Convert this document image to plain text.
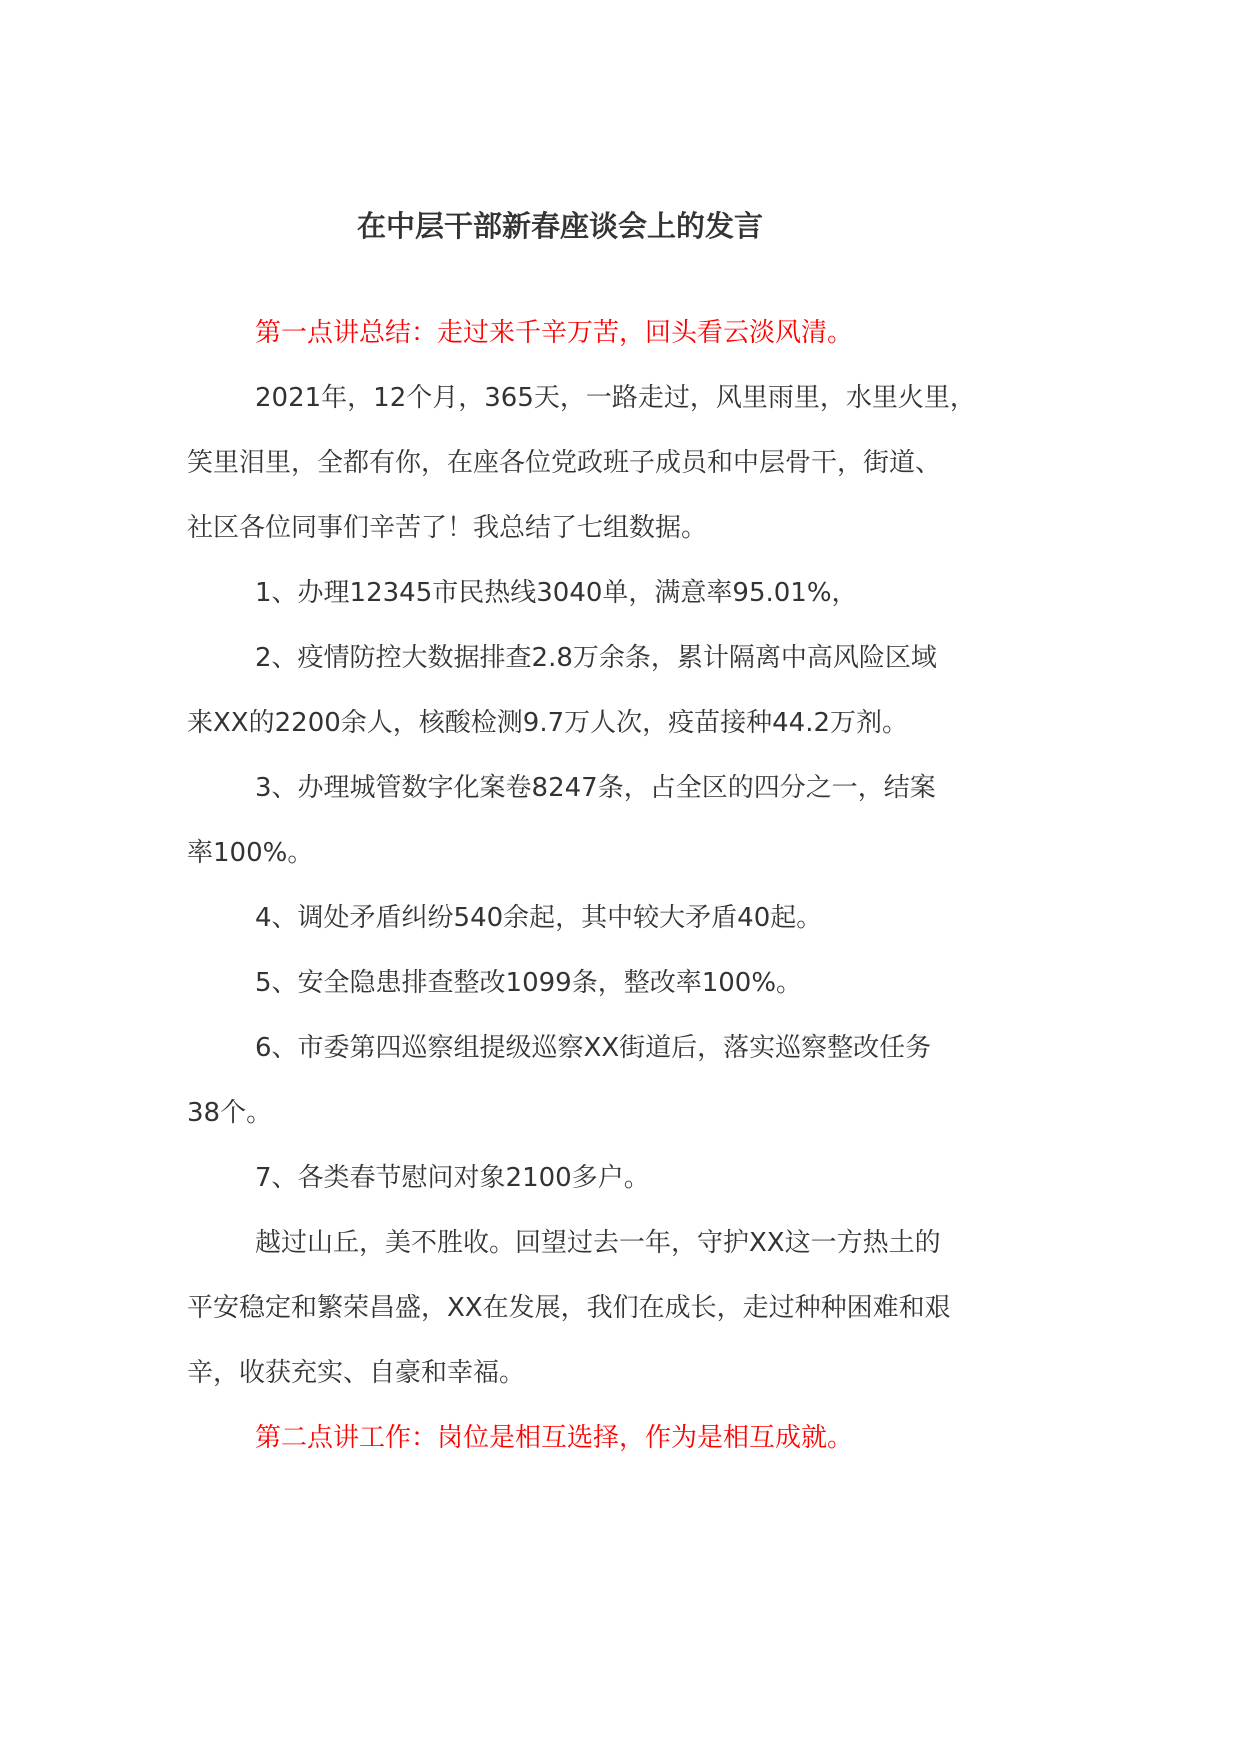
在中层干部新春座谈会上的发言

第一点讲总结：走过来千辛万苦，回头看云淡风清。

2021年，12个月，365天，一路走过，风里雨里，水里火里，
笑里泪里，全都有你，在座各位党政班子成员和中层骨干，街道、
社区各位同事们辛苦了！我总结了七组数据。

1、办理12345市民热线3040单，满意率95.01%，

2、疫情防控大数据排查2.8万余条，累计隔离中高风险区域
来XX的2200余人，核酸检测9.7万人次，疫苗接种44.2万剂。

3、办理城管数字化案卷8247条，占全区的四分之一，结案
率100%。

4、调处矛盾纠纷540余起，其中较大矛盾40起。

5、安全隐患排查整改1099条，整改率100%。

6、市委第四巡察组提级巡察XX街道后，落实巡察整改任务
38个。

7、各类春节慰问对象2100多户。

越过山丘，美不胜收。回望过去一年，守护XX这一方热土的
平安稳定和繁荣昌盛，XX在发展，我们在成长，走过种种困难和艰
辛，收获充实、自豪和幸福。

第二点讲工作：岗位是相互选择，作为是相互成就。
